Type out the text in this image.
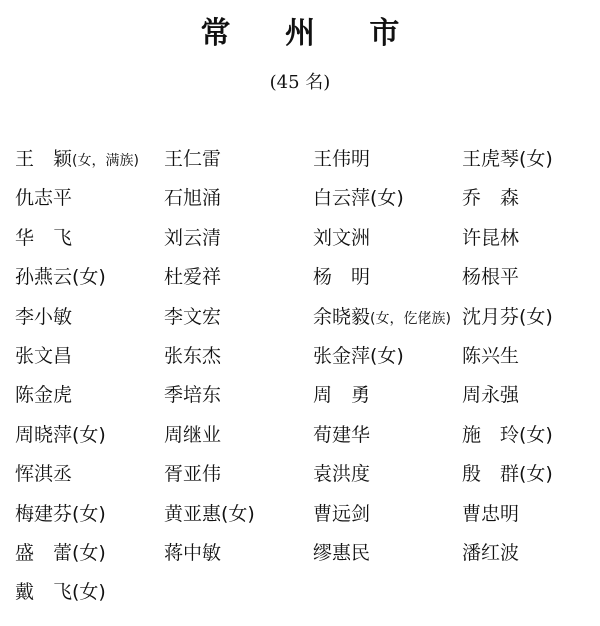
常 州 市
(45 名)
王　颖(女，满族)	王仁雷	王伟明	王虎琴(女)
仇志平	石旭涌	白云萍(女)	乔　森
华　飞	刘云清	刘文洲	许昆林
孙燕云(女)	杜爱祥	杨　明	杨根平
李小敏	李文宏	余晓毅(女，仡佬族) 沈月芬(女)
张文昌	张东杰	张金萍(女)	陈兴生
陈金虎	季培东	周　勇	周永强
周晓萍(女)	周继业	荀建华	施　玲(女)
恽淇丞	胥亚伟	袁洪度	殷　群(女)
梅建芬(女)	黄亚惠(女)	曹远剑	曹忠明
盛　蕾(女)	蒋中敏	缪惠民	潘红波
戴　飞(女)
